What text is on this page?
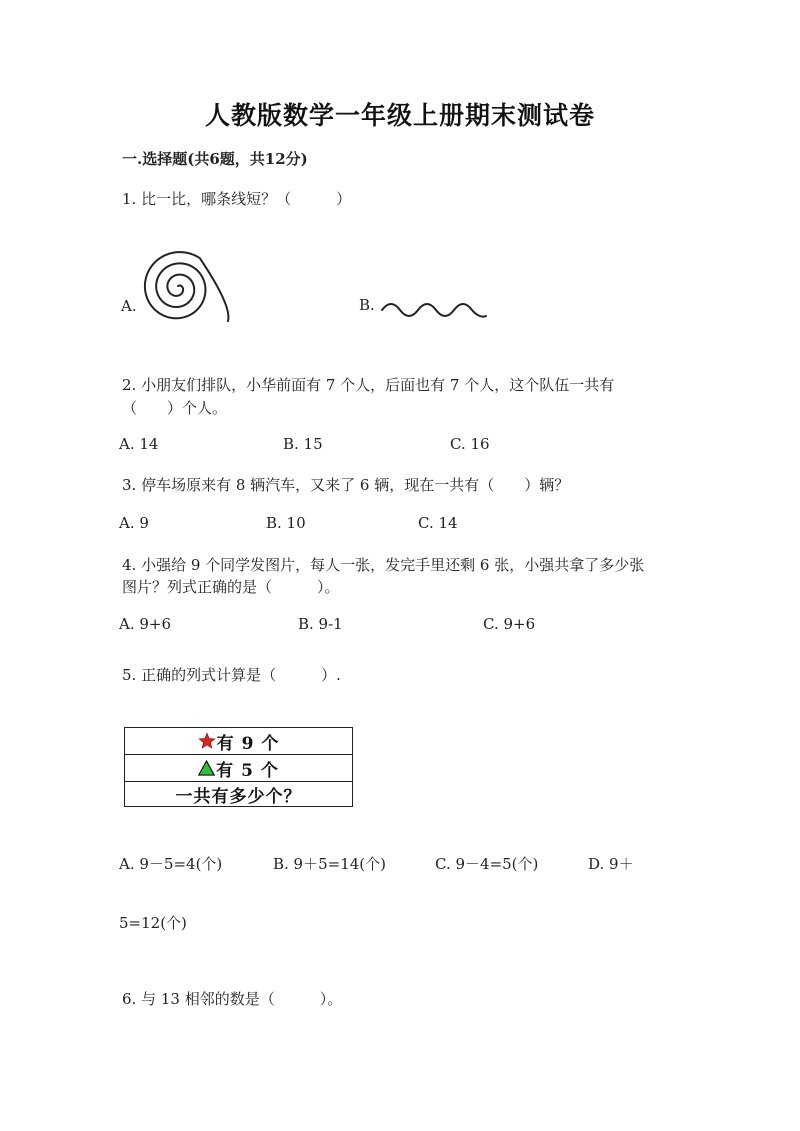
人教版数学一年级上册期末测试卷
一.选择题(共6题，共12分)
1. 比一比，哪条线短？（　　　）
A.	B.
2. 小朋友们排队，小华前面有 7 个人，后面也有 7 个人，这个队伍一共有
（　　）个人。
A. 14	B. 15	C. 16
3. 停车场原来有 8 辆汽车，又来了 6 辆，现在一共有（　　）辆？
A. 9	B. 10	C. 14
4. 小强给 9 个同学发图片，每人一张，发完手里还剩 6 张，小强共拿了多少张
图片？列式正确的是（　　　）。
A. 9+6	B. 9-1	C. 9+6
5. 正确的列式计算是（　　　）.
有 9 个
有 5 个
一共有多少个？
A. 9－5=4(个)	B. 9＋5=14(个)	C. 9－4=5(个)	D. 9＋
5=12(个)
6. 与 13 相邻的数是（　　　）。
